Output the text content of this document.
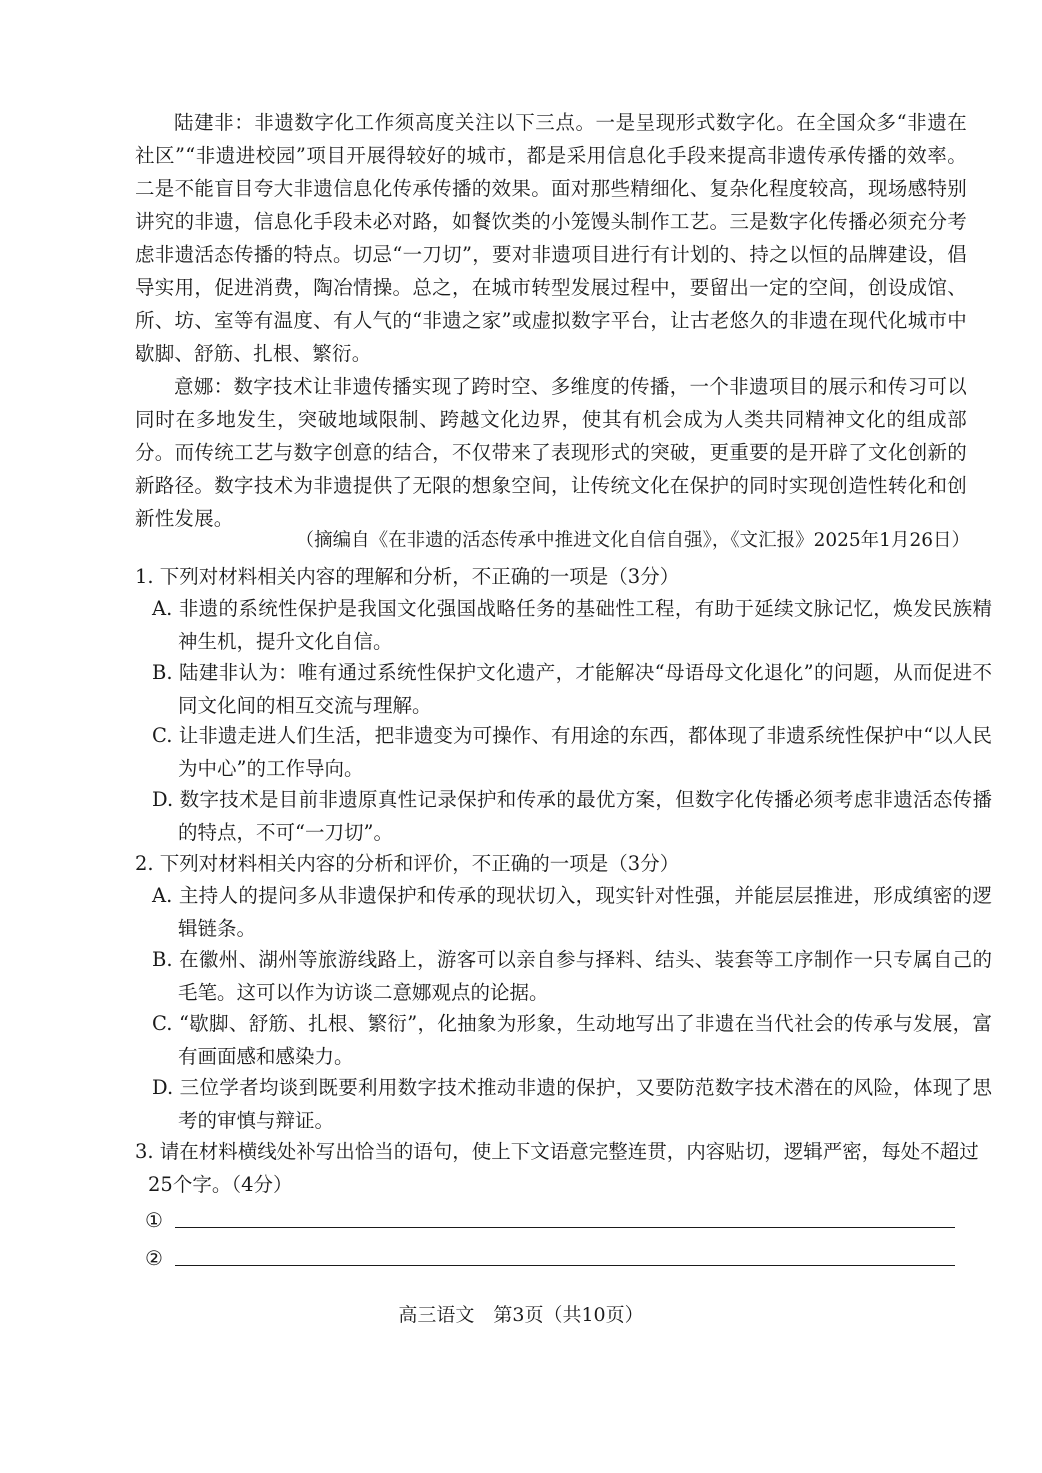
陆建非：非遗数字化工作须高度关注以下三点。一是呈现形式数字化。在全国众多“非遗在社区”“非遗进校园”项目开展得较好的城市，都是采用信息化手段来提高非遗传承传播的效率。二是不能盲目夸大非遗信息化传承传播的效果。面对那些精细化、复杂化程度较高，现场感特别讲究的非遗，信息化手段未必对路，如餐饮类的小笼馒头制作工艺。三是数字化传播必须充分考虑非遗活态传播的特点。切忌“一刀切”，要对非遗项目进行有计划的、持之以恒的品牌建设，倡导实用，促进消费，陶冶情操。总之，在城市转型发展过程中，要留出一定的空间，创设成馆、所、坊、室等有温度、有人气的“非遗之家”或虚拟数字平台，让古老悠久的非遗在现代化城市中歇脚、舒筋、扎根、繁衍。

意娜：数字技术让非遗传播实现了跨时空、多维度的传播，一个非遗项目的展示和传习可以同时在多地发生，突破地域限制、跨越文化边界，使其有机会成为人类共同精神文化的组成部分。而传统工艺与数字创意的结合，不仅带来了表现形式的突破，更重要的是开辟了文化创新的新路径。数字技术为非遗提供了无限的想象空间，让传统文化在保护的同时实现创造性转化和创新性发展。

（摘编自《在非遗的活态传承中推进文化自信自强》，《文汇报》2025年1月26日）

1. 下列对材料相关内容的理解和分析，不正确的一项是（3分）

A. 非遗的系统性保护是我国文化强国战略任务的基础性工程，有助于延续文脉记忆，焕发民族精神生机，提升文化自信。

B. 陆建非认为：唯有通过系统性保护文化遗产，才能解决“母语母文化退化”的问题，从而促进不同文化间的相互交流与理解。

C. 让非遗走进人们生活，把非遗变为可操作、有用途的东西，都体现了非遗系统性保护中“以人民为中心”的工作导向。

D. 数字技术是目前非遗原真性记录保护和传承的最优方案，但数字化传播必须考虑非遗活态传播的特点，不可“一刀切”。

2. 下列对材料相关内容的分析和评价，不正确的一项是（3分）

A. 主持人的提问多从非遗保护和传承的现状切入，现实针对性强，并能层层推进，形成缜密的逻辑链条。

B. 在徽州、湖州等旅游线路上，游客可以亲自参与择料、结头、装套等工序制作一只专属自己的毛笔。这可以作为访谈二意娜观点的论据。

C. “歇脚、舒筋、扎根、繁衍”，化抽象为形象，生动地写出了非遗在当代社会的传承与发展，富有画面感和感染力。

D. 三位学者均谈到既要利用数字技术推动非遗的保护，又要防范数字技术潜在的风险，体现了思考的审慎与辩证。

3. 请在材料横线处补写出恰当的语句，使上下文语意完整连贯，内容贴切，逻辑严密，每处不超过25个字。（4分）

①
②

高三语文　第3页（共10页）
